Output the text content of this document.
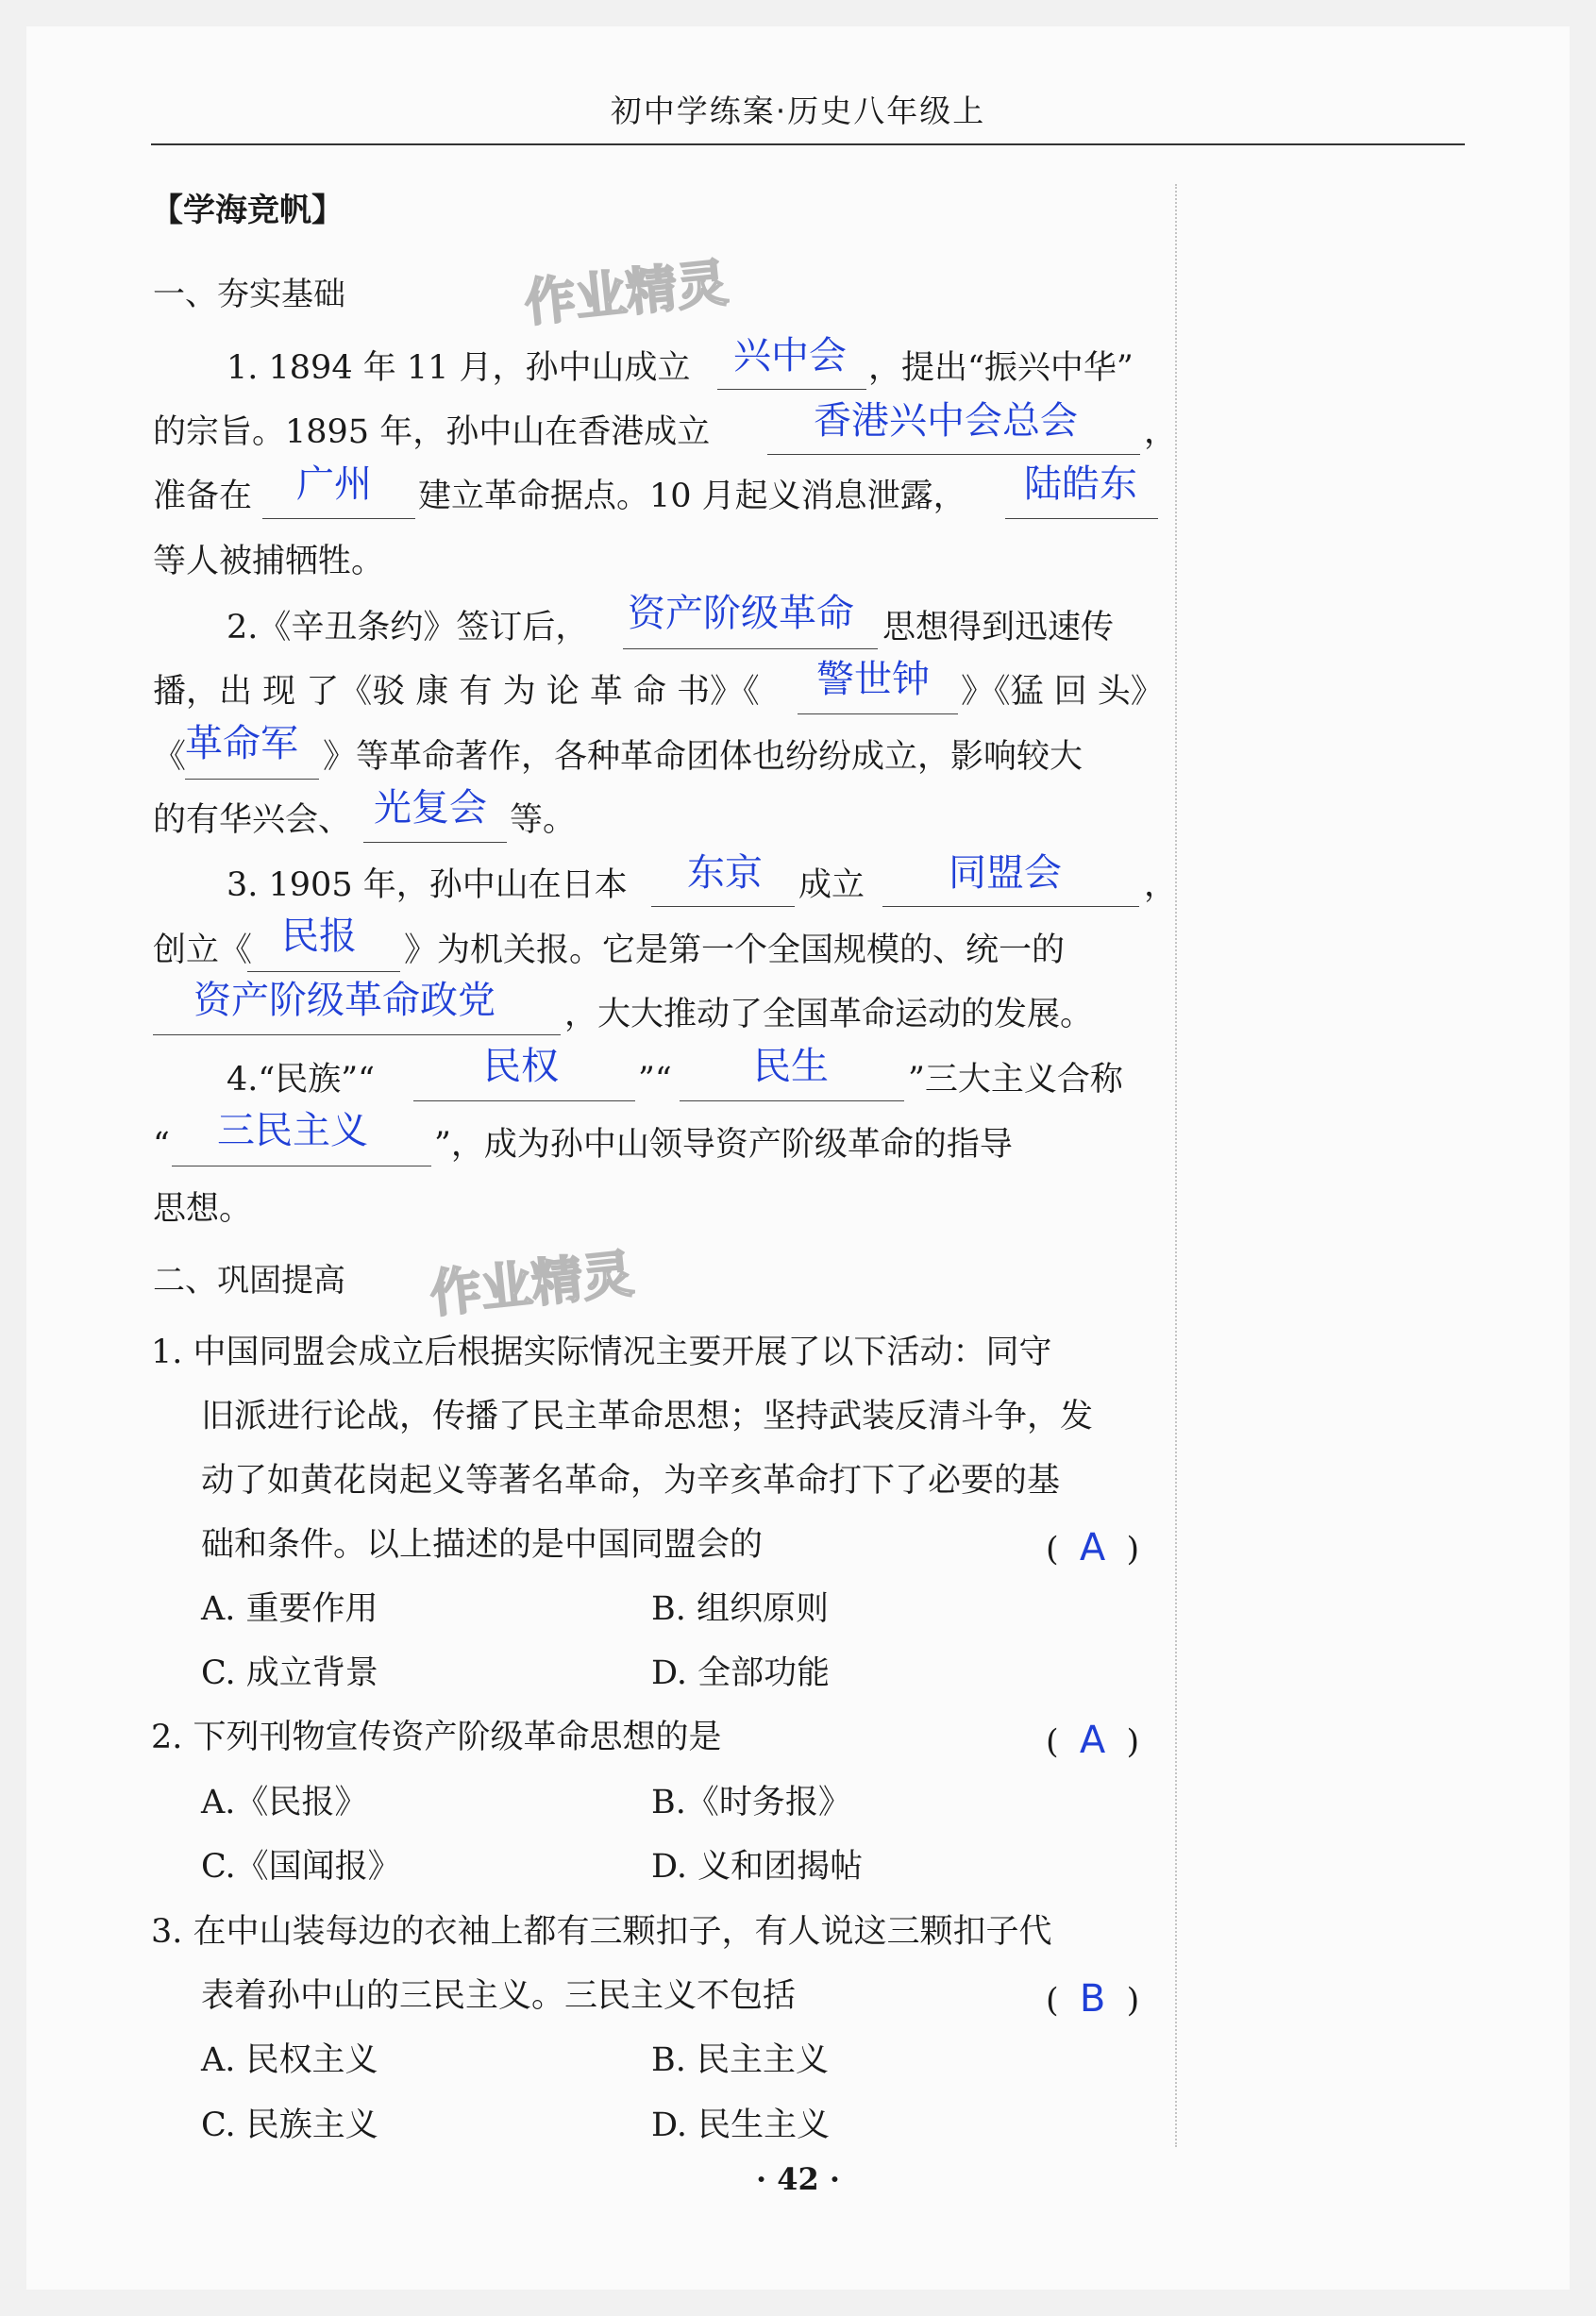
初中学练案·历史八年级上
【学海竞帆】
一、夯实基础	作业精灵
1. 1894 年 11 月，孙中山成立 兴中会 ，提出“振兴中华”
的宗旨。1895 年，孙中山在香港成立	香港兴中会总会 ，
准备在 广州 建立革命据点。10 月起义消息泄露， 陆皓东
等人被捕牺牲。
2.《辛丑条约》签订后， 资产阶级革命 思想得到迅速传
播，出 现 了《驳 康 有 为 论 革 命 书》《 警世钟 》《猛 回 头》
《
革命军 》等革命著作，各种革命团体也纷纷成立，影响较大
的有华兴会、 光复会 等。
3. 1905 年，孙中山在日本 东京 成立 同盟会 ，
创立《 民报 》为机关报。它是第一个全国规模的、统一的
资产阶级革命政党 ，大大推动了全国革命运动的发展。
4.“民族”“	民权 ”“ 民生 ”三大主义合称
“ 三民主义 ”，成为孙中山领导资产阶级革命的指导
思想。
二、巩固提高 作业精灵
1. 中国同盟会成立后根据实际情况主要开展了以下活动：同守
旧派进行论战，传播了民主革命思想；坚持武装反清斗争，发
动了如黄花岗起义等著名革命，为辛亥革命打下了必要的基
础和条件。以上描述的是中国同盟会的	(  A  )
A. 重要作用	B. 组织原则
C. 成立背景	D. 全部功能
2. 下列刊物宣传资产阶级革命思想的是	(  A  )
A.《民报》	B.《时务报》
C.《国闻报》	D. 义和团揭帖
3. 在中山装每边的衣袖上都有三颗扣子，有人说这三颗扣子代
表着孙中山的三民主义。三民主义不包括	(  B  )
A. 民权主义	B. 民主主义
C. 民族主义	D. 民生主义
· 42 ·
